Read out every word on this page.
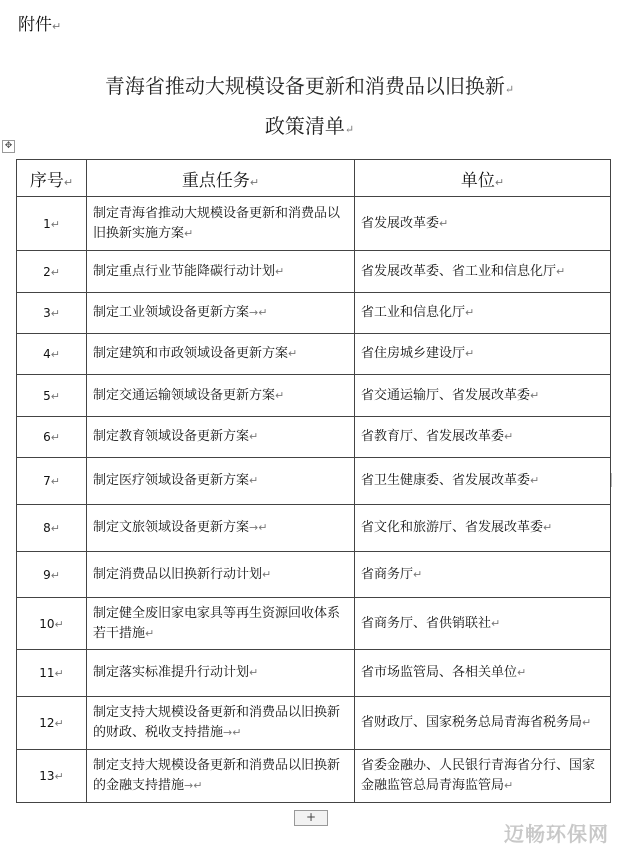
附件↵
青海省推动大规模设备更新和消费品以旧换新↵
政策清单↵
✥
序号↵	重点任务↵	单位↵
1↵	制定青海省推动大规模设备更新和消费品以旧换新实施方案↵	省发展改革委↵
2↵	制定重点行业节能降碳行动计划↵	省发展改革委、省工业和信息化厅↵
3↵	制定工业领域设备更新方案→↵	省工业和信息化厅↵
4↵	制定建筑和市政领域设备更新方案↵	省住房城乡建设厅↵
5↵	制定交通运输领域设备更新方案↵	省交通运输厅、省发展改革委↵
6↵	制定教育领域设备更新方案↵	省教育厅、省发展改革委↵
7↵	制定医疗领域设备更新方案↵	省卫生健康委、省发展改革委↵
8↵	制定文旅领域设备更新方案→↵	省文化和旅游厅、省发展改革委↵
9↵	制定消费品以旧换新行动计划↵	省商务厅↵
10↵	制定健全废旧家电家具等再生资源回收体系若干措施↵	省商务厅、省供销联社↵
11↵	制定落实标准提升行动计划↵	省市场监管局、各相关单位↵
12↵	制定支持大规模设备更新和消费品以旧换新的财政、税收支持措施→↵	省财政厅、国家税务总局青海省税务局↵
13↵	制定支持大规模设备更新和消费品以旧换新的金融支持措施→↵	省委金融办、人民银行青海省分行、国家金融监管总局青海监管局↵
+
迈畅环保网
